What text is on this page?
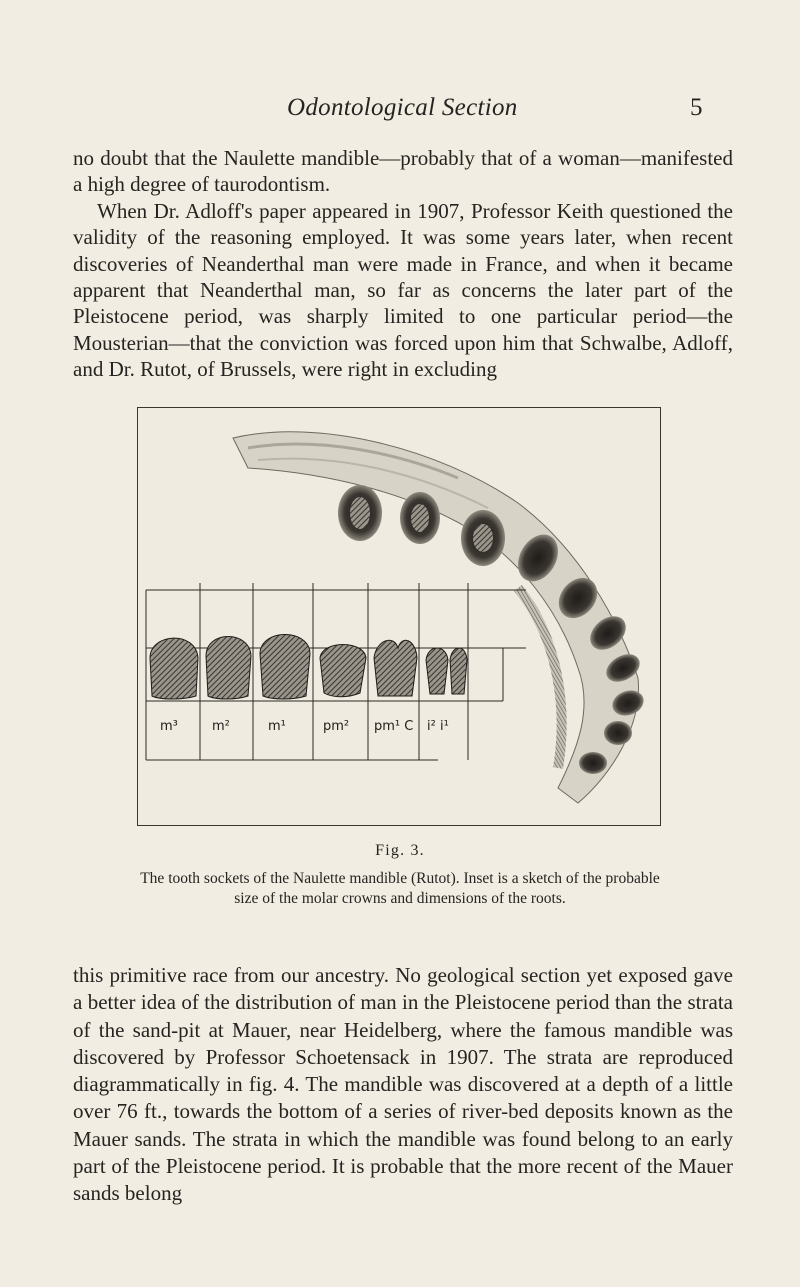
Odontological Section	5
no doubt that the Naulette mandible—probably that of a woman—manifested a high degree of taurodontism.
When Dr. Adloff's paper appeared in 1907, Professor Keith questioned the validity of the reasoning employed. It was some years later, when recent discoveries of Neanderthal man were made in France, and when it became apparent that Neanderthal man, so far as concerns the later part of the Pleistocene period, was sharply limited to one particular period—the Mousterian—that the conviction was forced upon him that Schwalbe, Adloff, and Dr. Rutot, of Brussels, were right in excluding
m³	m²	m¹	pm² pm¹ C i² i¹
Fig. 3.
The tooth sockets of the Naulette mandible (Rutot). Inset is a sketch of the probable size of the molar crowns and dimensions of the roots.

this primitive race from our ancestry. No geological section yet exposed gave a better idea of the distribution of man in the Pleistocene period than the strata of the sand-pit at Mauer, near Heidelberg, where the famous mandible was discovered by Professor Schoetensack in 1907. The strata are reproduced diagrammatically in fig. 4. The mandible was discovered at a depth of a little over 76 ft., towards the bottom of a series of river-bed deposits known as the Mauer sands. The strata in which the mandible was found belong to an early part of the Pleistocene period. It is probable that the more recent of the Mauer sands belong
